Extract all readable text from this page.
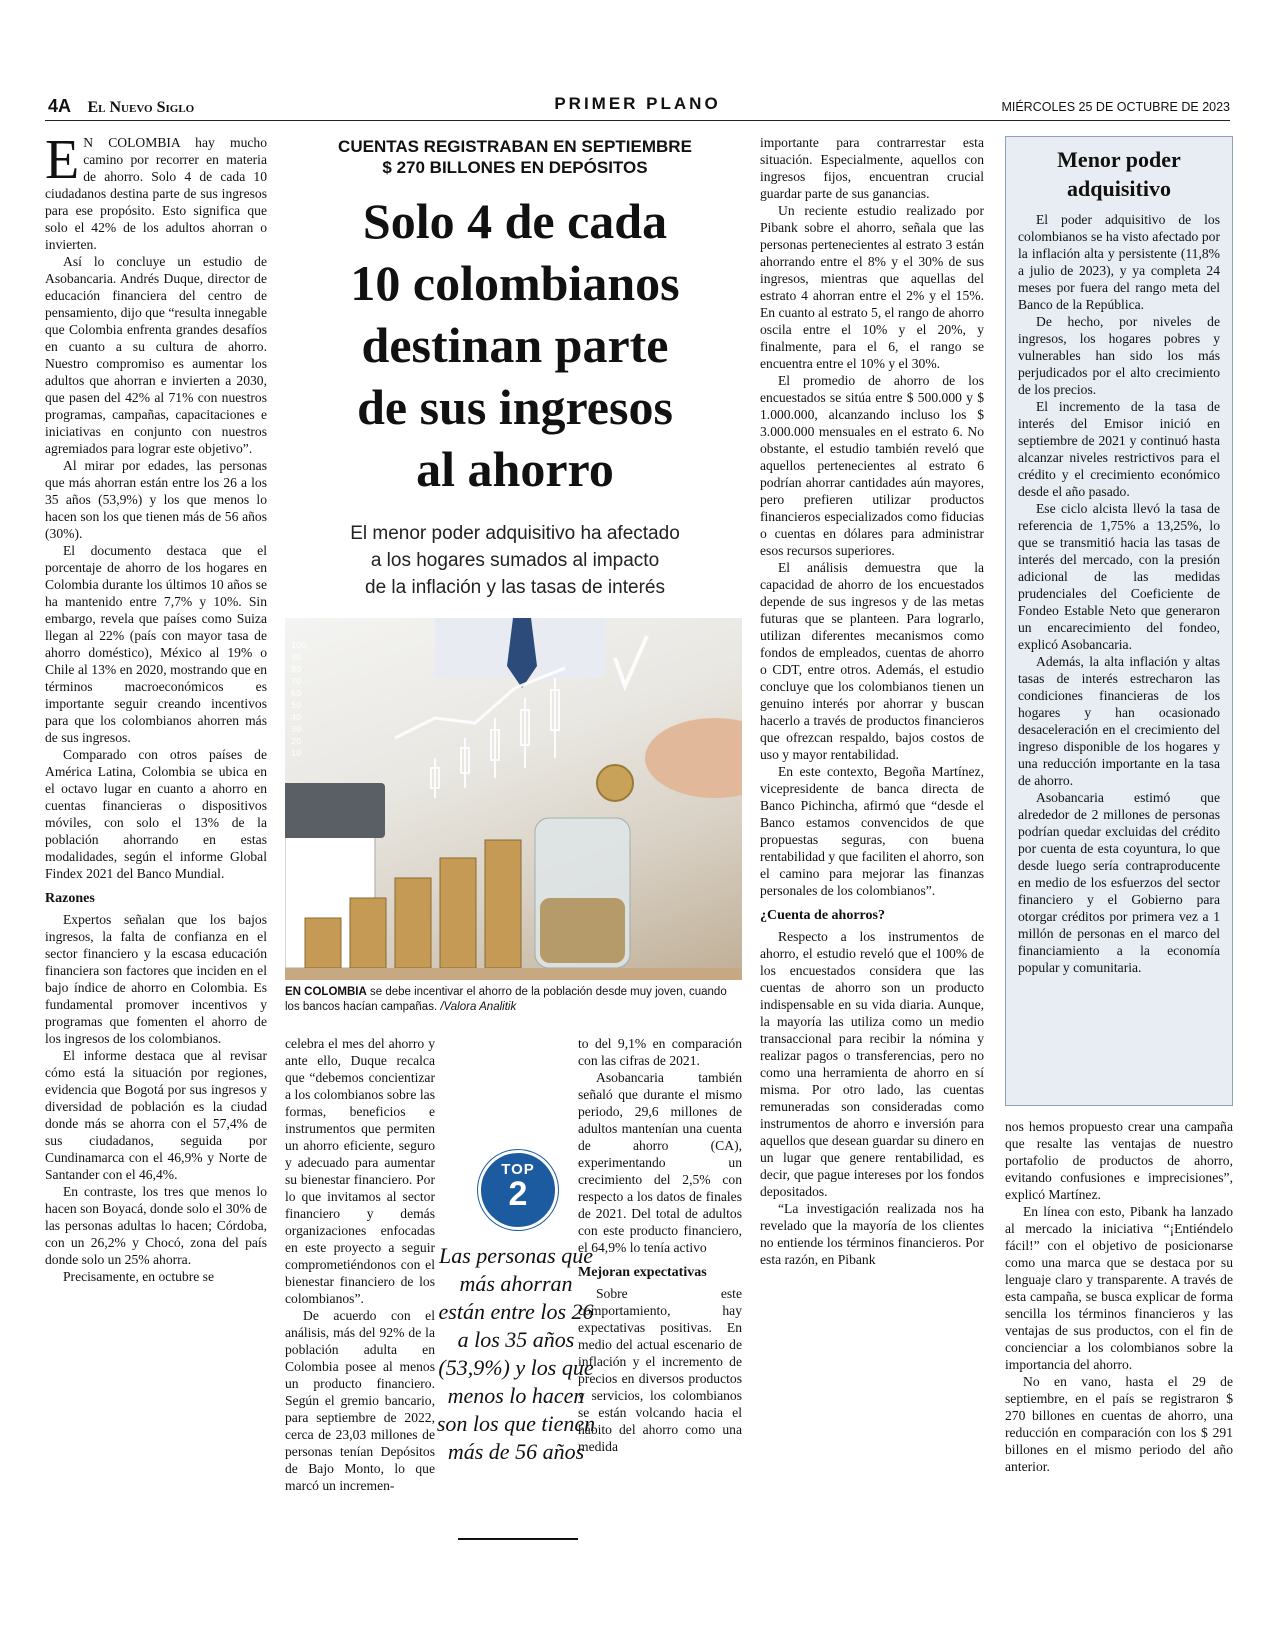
4A El Nuevo Siglo	PRIMER PLANO	MIÉRCOLES 25 DE OCTUBRE DE 2023

E N COLOMBIA hay mucho camino por recorrer en materia de ahorro. Solo 4 de cada 10 ciudadanos destina parte de sus ingresos para ese propósito. Esto significa que solo el 42% de los adultos ahorran o invierten.

Así lo concluye un estudio de Asobancaria. Andrés Duque, director de educación financiera del centro de pensamiento, dijo que “resulta innegable que Colombia enfrenta grandes desafíos en cuanto a su cultura de ahorro. Nuestro compromiso es aumentar los adultos que ahorran e invierten a 2030, que pasen del 42% al 71% con nuestros programas, campañas, capacitaciones e iniciativas en conjunto con nuestros agremiados para lograr este objetivo”.

Al mirar por edades, las personas que más ahorran están entre los 26 a los 35 años (53,9%) y los que menos lo hacen son los que tienen más de 56 años (30%).

El documento destaca que el porcentaje de ahorro de los hogares en Colombia durante los últimos 10 años se ha mantenido entre 7,7% y 10%. Sin embargo, revela que países como Suiza llegan al 22% (país con mayor tasa de ahorro doméstico), México al 19% o Chile al 13% en 2020, mostrando que en términos macroeconómicos es importante seguir creando incentivos para que los colombianos ahorren más de sus ingresos.

Comparado con otros países de América Latina, Colombia se ubica en el octavo lugar en cuanto a ahorro en cuentas financieras o dispositivos móviles, con solo el 13% de la población ahorrando en estas modalidades, según el informe Global Findex 2021 del Banco Mundial.

Razones

Expertos señalan que los bajos ingresos, la falta de confianza en el sector financiero y la escasa educación financiera son factores que inciden en el bajo índice de ahorro en Colombia. Es fundamental promover incentivos y programas que fomenten el ahorro de los ingresos de los colombianos.

El informe destaca que al revisar cómo está la situación por regiones, evidencia que Bogotá por sus ingresos y diversidad de población es la ciudad donde más se ahorra con el 57,4% de sus ciudadanos, seguida por Cundinamarca con el 46,9% y Norte de Santander con el 46,4%.

En contraste, los tres que menos lo hacen son Boyacá, donde solo el 30% de las personas adultas lo hacen; Córdoba, con un 26,2% y Chocó, zona del país donde solo un 25% ahorra.

Precisamente, en octubre se

CUENTAS REGISTRABAN EN SEPTIEMBRE
$ 270 BILLONES EN DEPÓSITOS
Solo 4 de cada
10 colombianos
destinan parte
de sus ingresos
al ahorro
El menor poder adquisitivo ha afectado
a los hogares sumados al impacto
de la inflación y las tasas de interés
100
90
80
70
60
50
40
30
20
10
EN COLOMBIA se debe incentivar el ahorro de la población desde muy joven, cuando los bancos hacían campañas. /Valora Analitik

celebra el mes del ahorro y ante ello, Duque recalca que “debemos concientizar a los colombianos sobre las formas, beneficios e instrumentos que permiten un ahorro eficiente, seguro y adecuado para aumentar su bienestar financiero. Por lo que invitamos al sector financiero y demás organizaciones enfocadas en este proyecto a seguir comprometiéndonos con el bienestar financiero de los colombianos”.

De acuerdo con el análisis, más del 92% de la población adulta en Colombia posee al menos un producto financiero. Según el gremio bancario, para septiembre de 2022, cerca de 23,03 millones de personas tenían Depósitos de Bajo Monto, lo que marcó un incremen-

to del 9,1% en comparación con las cifras de 2021.

Asobancaria también señaló que durante el mismo periodo, 29,6 millones de adultos mantenían una cuenta de ahorro (CA), experimentando un crecimiento del 2,5% con respecto a los datos de finales de 2021. Del total de adultos con este producto financiero, el 64,9% lo tenía activo

Mejoran expectativas

Sobre este comportamiento, hay expectativas positivas. En medio del actual escenario de inflación y el incremento de precios en diversos productos y servicios, los colombianos se están volcando hacia el hábito del ahorro como una medida

TOP
2
Las personas que más ahorran están entre los 26 a los 35 años (53,9%) y los que menos lo hacen son los que tienen más de 56 años

importante para contrarrestar esta situación. Especialmente, aquellos con ingresos fijos, encuentran crucial guardar parte de sus ganancias.

Un reciente estudio realizado por Pibank sobre el ahorro, señala que las personas pertenecientes al estrato 3 están ahorrando entre el 8% y el 30% de sus ingresos, mientras que aquellas del estrato 4 ahorran entre el 2% y el 15%. En cuanto al estrato 5, el rango de ahorro oscila entre el 10% y el 20%, y finalmente, para el 6, el rango se encuentra entre el 10% y el 30%.

El promedio de ahorro de los encuestados se sitúa entre $ 500.000 y $ 1.000.000, alcanzando incluso los $ 3.000.000 mensuales en el estrato 6. No obstante, el estudio también reveló que aquellos pertenecientes al estrato 6 podrían ahorrar cantidades aún mayores, pero prefieren utilizar productos financieros especializados como fiducias o cuentas en dólares para administrar esos recursos superiores.

El análisis demuestra que la capacidad de ahorro de los encuestados depende de sus ingresos y de las metas futuras que se planteen. Para lograrlo, utilizan diferentes mecanismos como fondos de empleados, cuentas de ahorro o CDT, entre otros. Además, el estudio concluye que los colombianos tienen un genuino interés por ahorrar y buscan hacerlo a través de productos financieros que ofrezcan respaldo, bajos costos de uso y mayor rentabilidad.

En este contexto, Begoña Martínez, vicepresidente de banca directa de Banco Pichincha, afirmó que “desde el Banco estamos convencidos de que propuestas seguras, con buena rentabilidad y que faciliten el ahorro, son el camino para mejorar las finanzas personales de los colombianos”.

¿Cuenta de ahorros?

Respecto a los instrumentos de ahorro, el estudio reveló que el 100% de los encuestados considera que las cuentas de ahorro son un producto indispensable en su vida diaria. Aunque, la mayoría las utiliza como un medio transaccional para recibir la nómina y realizar pagos o transferencias, pero no como una herramienta de ahorro en sí misma. Por otro lado, las cuentas remuneradas son consideradas como instrumentos de ahorro e inversión para aquellos que desean guardar su dinero en un lugar que genere rentabilidad, es decir, que pague intereses por los fondos depositados.

“La investigación realizada nos ha revelado que la mayoría de los clientes no entiende los términos financieros. Por esta razón, en Pibank

Menor poder adquisitivo

El poder adquisitivo de los colombianos se ha visto afectado por la inflación alta y persistente (11,8% a julio de 2023), y ya completa 24 meses por fuera del rango meta del Banco de la República.

De hecho, por niveles de ingresos, los hogares pobres y vulnerables han sido los más perjudicados por el alto crecimiento de los precios.

El incremento de la tasa de interés del Emisor inició en septiembre de 2021 y continuó hasta alcanzar niveles restrictivos para el crédito y el crecimiento económico desde el año pasado.

Ese ciclo alcista llevó la tasa de referencia de 1,75% a 13,25%, lo que se transmitió hacia las tasas de interés del mercado, con la presión adicional de las medidas prudenciales del Coeficiente de Fondeo Estable Neto que generaron un encarecimiento del fondeo, explicó Asobancaria.

Además, la alta inflación y altas tasas de interés estrecharon las condiciones financieras de los hogares y han ocasionado desaceleración en el crecimiento del ingreso disponible de los hogares y una reducción importante en la tasa de ahorro.

Asobancaria estimó que alrededor de 2 millones de personas podrían quedar excluidas del crédito por cuenta de esta coyuntura, lo que desde luego sería contraproducente en medio de los esfuerzos del sector financiero y el Gobierno para otorgar créditos por primera vez a 1 millón de personas en el marco del financiamiento a la economía popular y comunitaria.

nos hemos propuesto crear una campaña que resalte las ventajas de nuestro portafolio de productos de ahorro, evitando confusiones e imprecisiones”, explicó Martínez.

En línea con esto, Pibank ha lanzado al mercado la iniciativa “¡Entiéndelo fácil!” con el objetivo de posicionarse como una marca que se destaca por su lenguaje claro y transparente. A través de esta campaña, se busca explicar de forma sencilla los términos financieros y las ventajas de sus productos, con el fin de concienciar a los colombianos sobre la importancia del ahorro.

No en vano, hasta el 29 de septiembre, en el país se registraron $ 270 billones en cuentas de ahorro, una reducción en comparación con los $ 291 billones en el mismo periodo del año anterior.
